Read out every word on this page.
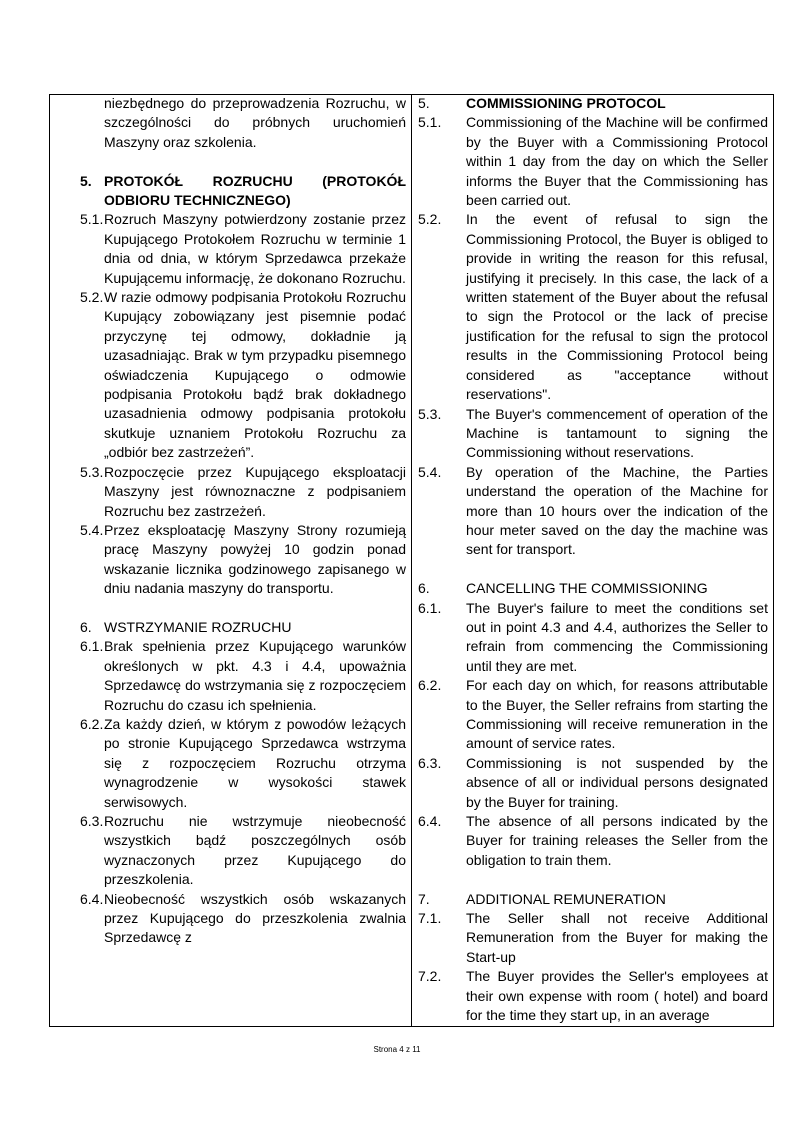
niezbędnego do przeprowadzenia Rozruchu, w szczególności do próbnych uruchomień Maszyny oraz szkolenia.
5. PROTOKÓŁ ROZRUCHU (PROTOKÓŁ ODBIORU TECHNICZNEGO)
5.1. Rozruch Maszyny potwierdzony zostanie przez Kupującego Protokołem Rozruchu w terminie 1 dnia od dnia, w którym Sprzedawca przekaże Kupującemu informację, że dokonano Rozruchu.
5.2. W razie odmowy podpisania Protokołu Rozruchu Kupujący zobowiązany jest pisemnie podać przyczynę tej odmowy, dokładnie ją uzasadniając. Brak w tym przypadku pisemnego oświadczenia Kupującego o odmowie podpisania Protokołu bądź brak dokładnego uzasadnienia odmowy podpisania protokołu skutkuje uznaniem Protokołu Rozruchu za „odbiór bez zastrzeżeń”.
5.3. Rozpoczęcie przez Kupującego eksploatacji Maszyny jest równoznaczne z podpisaniem Rozruchu bez zastrzeżeń.
5.4. Przez eksploatację Maszyny Strony rozumieją pracę Maszyny powyżej 10 godzin ponad wskazanie licznika godzinowego zapisanego w dniu nadania maszyny do transportu.
6. WSTRZYMANIE ROZRUCHU
6.1. Brak spełnienia przez Kupującego warunków określonych w pkt. 4.3 i 4.4, upoważnia Sprzedawcę do wstrzymania się z rozpoczęciem Rozruchu do czasu ich spełnienia.
6.2. Za każdy dzień, w którym z powodów leżących po stronie Kupującego Sprzedawca wstrzyma się z rozpoczęciem Rozruchu otrzyma wynagrodzenie w wysokości stawek serwisowych.
6.3. Rozruchu nie wstrzymuje nieobecność wszystkich bądź poszczególnych osób wyznaczonych przez Kupującego do przeszkolenia.
6.4. Nieobecność wszystkich osób wskazanych przez Kupującego do przeszkolenia zwalnia Sprzedawcę z
5.	COMMISSIONING PROTOCOL
5.1.	Commissioning of the Machine will be confirmed by the Buyer with a Commissioning Protocol within 1 day from the day on which the Seller informs the Buyer that the Commissioning has been carried out.
5.2.	In the event of refusal to sign the Commissioning Protocol, the Buyer is obliged to provide in writing the reason for this refusal, justifying it precisely. In this case, the lack of a written statement of the Buyer about the refusal to sign the Protocol or the lack of precise justification for the refusal to sign the protocol results in the Commissioning Protocol being considered as "acceptance without reservations".
5.3.	The Buyer's commencement of operation of the Machine is tantamount to signing the Commissioning without reservations.
5.4.	By operation of the Machine, the Parties understand the operation of the Machine for more than 10 hours over the indication of the hour meter saved on the day the machine was sent for transport.
6.	CANCELLING THE COMMISSIONING
6.1.	The Buyer's failure to meet the conditions set out in point 4.3 and 4.4, authorizes the Seller to refrain from commencing the Commissioning until they are met.
6.2.	For each day on which, for reasons attributable to the Buyer, the Seller refrains from starting the Commissioning will receive remuneration in the amount of service rates.
6.3.	Commissioning is not suspended by the absence of all or individual persons designated by the Buyer for training.
6.4.	The absence of all persons indicated by the Buyer for training releases the Seller from the obligation to train them.
7.	ADDITIONAL REMUNERATION
7.1.	The Seller shall not receive Additional Remuneration from the Buyer for making the Start-up
7.2.	The Buyer provides the Seller's employees at their own expense with room ( hotel) and board for the time they start up, in an average
Strona 4 z 11
